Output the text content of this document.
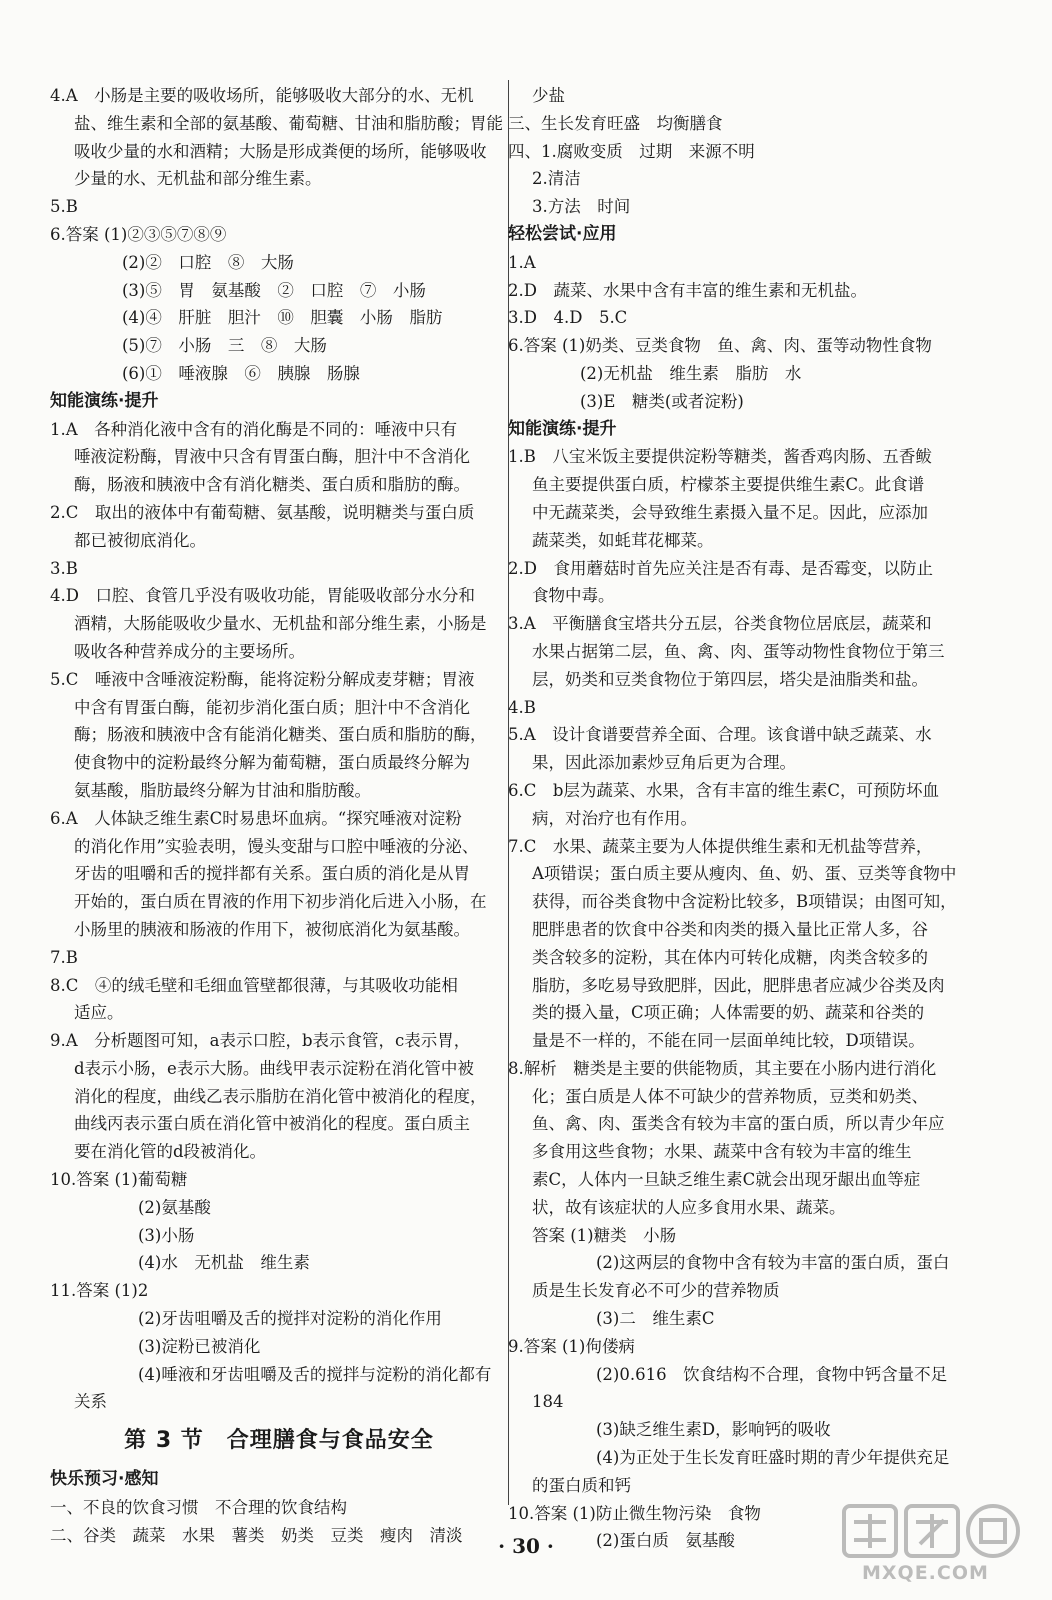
4.A　小肠是主要的吸收场所，能够吸收大部分的水、无机
盐、维生素和全部的氨基酸、葡萄糖、甘油和脂肪酸；胃能
吸收少量的水和酒精；大肠是形成粪便的场所，能够吸收
少量的水、无机盐和部分维生素。
5.B
6.答案 (1)②③⑤⑦⑧⑨
(2)②　口腔　⑧　大肠
(3)⑤　胃　氨基酸　②　口腔　⑦　小肠
(4)④　肝脏　胆汁　⑩　胆囊　小肠　脂肪
(5)⑦　小肠　三　⑧　大肠
(6)①　唾液腺　⑥　胰腺　肠腺
知能演练·提升
1.A　各种消化液中含有的消化酶是不同的：唾液中只有
唾液淀粉酶，胃液中只含有胃蛋白酶，胆汁中不含消化
酶，肠液和胰液中含有消化糖类、蛋白质和脂肪的酶。
2.C　取出的液体中有葡萄糖、氨基酸，说明糖类与蛋白质
都已被彻底消化。
3.B
4.D　口腔、食管几乎没有吸收功能，胃能吸收部分水分和
酒精，大肠能吸收少量水、无机盐和部分维生素，小肠是
吸收各种营养成分的主要场所。
5.C　唾液中含唾液淀粉酶，能将淀粉分解成麦芽糖；胃液
中含有胃蛋白酶，能初步消化蛋白质；胆汁中不含消化
酶；肠液和胰液中含有能消化糖类、蛋白质和脂肪的酶，
使食物中的淀粉最终分解为葡萄糖，蛋白质最终分解为
氨基酸，脂肪最终分解为甘油和脂肪酸。
6.A　人体缺乏维生素C时易患坏血病。“探究唾液对淀粉
的消化作用”实验表明，馒头变甜与口腔中唾液的分泌、
牙齿的咀嚼和舌的搅拌都有关系。蛋白质的消化是从胃
开始的，蛋白质在胃液的作用下初步消化后进入小肠，在
小肠里的胰液和肠液的作用下，被彻底消化为氨基酸。
7.B
8.C　④的绒毛壁和毛细血管壁都很薄，与其吸收功能相
适应。
9.A　分析题图可知，a表示口腔，b表示食管，c表示胃，
d表示小肠，e表示大肠。曲线甲表示淀粉在消化管中被
消化的程度，曲线乙表示脂肪在消化管中被消化的程度，
曲线丙表示蛋白质在消化管中被消化的程度。蛋白质主
要在消化管的d段被消化。
10.答案 (1)葡萄糖
(2)氨基酸
(3)小肠
(4)水　无机盐　维生素
11.答案 (1)2
(2)牙齿咀嚼及舌的搅拌对淀粉的消化作用
(3)淀粉已被消化
(4)唾液和牙齿咀嚼及舌的搅拌与淀粉的消化都有
关系
第 3 节　合理膳食与食品安全
快乐预习·感知
一、不良的饮食习惯　不合理的饮食结构
二、谷类　蔬菜　水果　薯类　奶类　豆类　瘦肉　清淡
少盐
三、生长发育旺盛　均衡膳食
四、1.腐败变质　过期　来源不明
2.清洁
3.方法　时间
轻松尝试·应用
1.A
2.D　蔬菜、水果中含有丰富的维生素和无机盐。
3.D　4.D　5.C
6.答案 (1)奶类、豆类食物　鱼、禽、肉、蛋等动物性食物
(2)无机盐　维生素　脂肪　水
(3)E　糖类(或者淀粉)
知能演练·提升
1.B　八宝米饭主要提供淀粉等糖类，酱香鸡肉肠、五香鲅
鱼主要提供蛋白质，柠檬茶主要提供维生素C。此食谱
中无蔬菜类，会导致维生素摄入量不足。因此，应添加
蔬菜类，如蚝茸花椰菜。
2.D　食用蘑菇时首先应关注是否有毒、是否霉变，以防止
食物中毒。
3.A　平衡膳食宝塔共分五层，谷类食物位居底层，蔬菜和
水果占据第二层，鱼、禽、肉、蛋等动物性食物位于第三
层，奶类和豆类食物位于第四层，塔尖是油脂类和盐。
4.B
5.A　设计食谱要营养全面、合理。该食谱中缺乏蔬菜、水
果，因此添加素炒豆角后更为合理。
6.C　b层为蔬菜、水果，含有丰富的维生素C，可预防坏血
病，对治疗也有作用。
7.C　水果、蔬菜主要为人体提供维生素和无机盐等营养，
A项错误；蛋白质主要从瘦肉、鱼、奶、蛋、豆类等食物中
获得，而谷类食物中含淀粉比较多，B项错误；由图可知，
肥胖患者的饮食中谷类和肉类的摄入量比正常人多，谷
类含较多的淀粉，其在体内可转化成糖，肉类含较多的
脂肪，多吃易导致肥胖，因此，肥胖患者应减少谷类及肉
类的摄入量，C项正确；人体需要的奶、蔬菜和谷类的
量是不一样的，不能在同一层面单纯比较，D项错误。
8.解析　糖类是主要的供能物质，其主要在小肠内进行消化
化；蛋白质是人体不可缺少的营养物质，豆类和奶类、
鱼、禽、肉、蛋类含有较为丰富的蛋白质，所以青少年应
多食用这些食物；水果、蔬菜中含有较为丰富的维生
素C，人体内一旦缺乏维生素C就会出现牙龈出血等症
状，故有该症状的人应多食用水果、蔬菜。
答案 (1)糖类　小肠
(2)这两层的食物中含有较为丰富的蛋白质，蛋白
质是生长发育必不可少的营养物质
(3)二　维生素C
9.答案 (1)佝偻病
(2)0.616　饮食结构不合理，食物中钙含量不足
184
(3)缺乏维生素D，影响钙的吸收
(4)为正处于生长发育旺盛时期的青少年提供充足
的蛋白质和钙
10.答案 (1)防止微生物污染　食物
(2)蛋白质　氨基酸
· 30 ·
MXQE.COM
